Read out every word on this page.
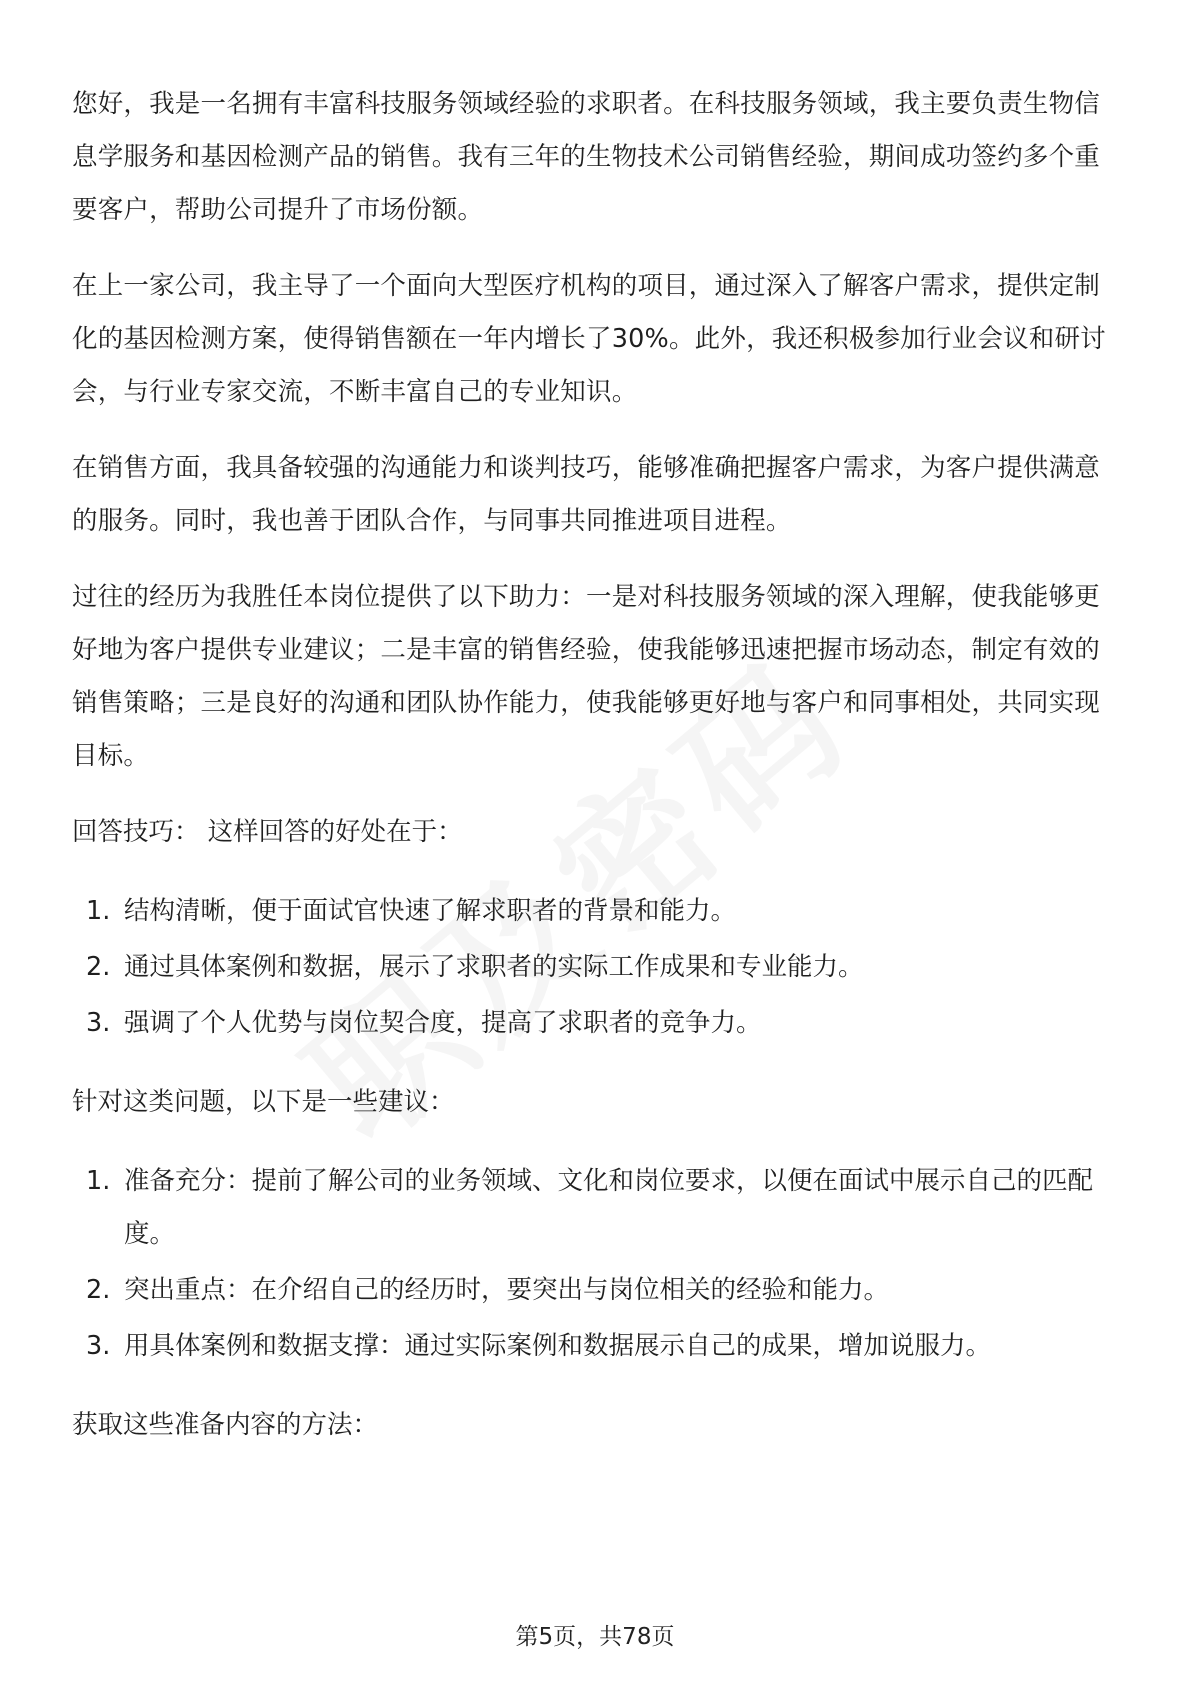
您好，我是一名拥有丰富科技服务领域经验的求职者。在科技服务领域，我主要负责生物信息学服务和基因检测产品的销售。我有三年的生物技术公司销售经验，期间成功签约多个重要客户，帮助公司提升了市场份额。

在上一家公司，我主导了一个面向大型医疗机构的项目，通过深入了解客户需求，提供定制化的基因检测方案，使得销售额在一年内增长了30%。此外，我还积极参加行业会议和研讨会，与行业专家交流，不断丰富自己的专业知识。

在销售方面，我具备较强的沟通能力和谈判技巧，能够准确把握客户需求，为客户提供满意的服务。同时，我也善于团队合作，与同事共同推进项目进程。

过往的经历为我胜任本岗位提供了以下助力：一是对科技服务领域的深入理解，使我能够更好地为客户提供专业建议；二是丰富的销售经验，使我能够迅速把握市场动态，制定有效的销售策略；三是良好的沟通和团队协作能力，使我能够更好地与客户和同事相处，共同实现目标。

回答技巧： 这样回答的好处在于：

1. 结构清晰，便于面试官快速了解求职者的背景和能力。
2. 通过具体案例和数据，展示了求职者的实际工作成果和专业能力。
3. 强调了个人优势与岗位契合度，提高了求职者的竞争力。

针对这类问题，以下是一些建议：

1. 准备充分：提前了解公司的业务领域、文化和岗位要求，以便在面试中展示自己的匹配度。
2. 突出重点：在介绍自己的经历时，要突出与岗位相关的经验和能力。
3. 用具体案例和数据支撑：通过实际案例和数据展示自己的成果，增加说服力。

获取这些准备内容的方法：

第5页，共78页
